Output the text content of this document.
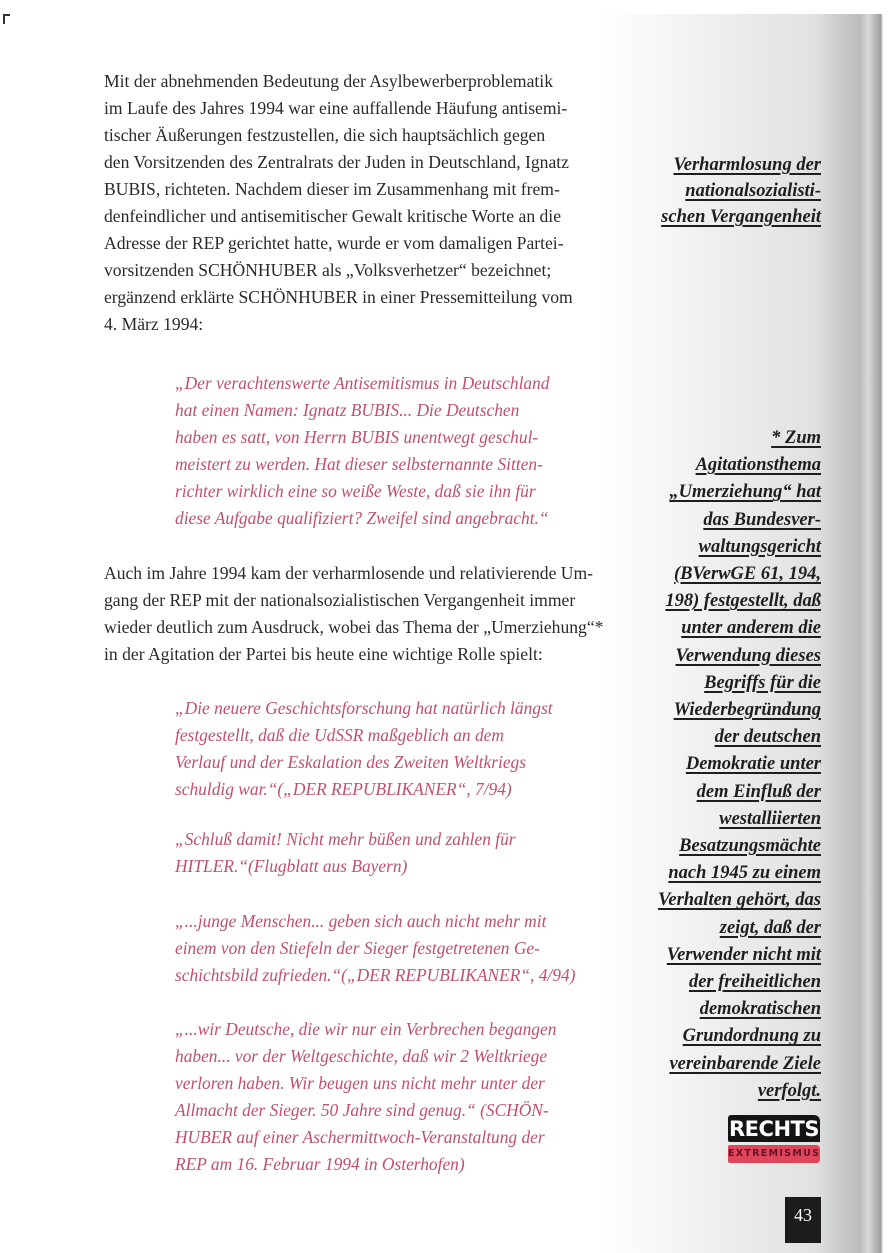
Mit der abnehmenden Bedeutung der Asylbewerberproblematik
im Laufe des Jahres 1994 war eine auffallende Häufung antisemi-
tischer Äußerungen festzustellen, die sich hauptsächlich gegen
den Vorsitzenden des Zentralrats der Juden in Deutschland, Ignatz
BUBIS, richteten. Nachdem dieser im Zusammenhang mit frem-
denfeindlicher und antisemitischer Gewalt kritische Worte an die
Adresse der REP gerichtet hatte, wurde er vom damaligen Partei-
vorsitzenden SCHÖNHUBER als „Volksverhetzer“ bezeichnet;
ergänzend erklärte SCHÖNHUBER in einer Pressemitteilung vom
4. März 1994:

„Der verachtenswerte Antisemitismus in Deutschland
hat einen Namen: Ignatz BUBIS... Die Deutschen
haben es satt, von Herrn BUBIS unentwegt geschul-
meistert zu werden. Hat dieser selbsternannte Sitten-
richter wirklich eine so weiße Weste, daß sie ihn für
diese Aufgabe qualifiziert? Zweifel sind angebracht.“

Auch im Jahre 1994 kam der verharmlosende und relativierende Um-
gang der REP mit der nationalsozialistischen Vergangenheit immer
wieder deutlich zum Ausdruck, wobei das Thema der „Umerziehung“*
in der Agitation der Partei bis heute eine wichtige Rolle spielt:

„Die neuere Geschichtsforschung hat natürlich längst
festgestellt, daß die UdSSR maßgeblich an dem
Verlauf und der Eskalation des Zweiten Weltkriegs
schuldig war.“(„DER REPUBLIKANER“, 7/94)

„Schluß damit! Nicht mehr büßen und zahlen für
HITLER.“(Flugblatt aus Bayern)

„...junge Menschen... geben sich auch nicht mehr mit
einem von den Stiefeln der Sieger festgetretenen Ge-
schichtsbild zufrieden.“(„DER REPUBLIKANER“, 4/94)

„...wir Deutsche, die wir nur ein Verbrechen begangen
haben... vor der Weltgeschichte, daß wir 2 Weltkriege
verloren haben. Wir beugen uns nicht mehr unter der
Allmacht der Sieger. 50 Jahre sind genug.“ (SCHÖN-
HUBER auf einer Aschermittwoch-Veranstaltung der
REP am 16. Februar 1994 in Osterhofen)

Verharmlosung der
nationalsozialisti-
schen Vergangenheit
* Zum
Agitationsthema
„Umerziehung“ hat
das Bundesver-
waltungsgericht
(BVerwGE 61, 194,
198) festgestellt, daß
unter anderem die
Verwendung dieses
Begriffs für die
Wiederbegründung
der deutschen
Demokratie unter
dem Einfluß der
westalliierten
Besatzungsmächte
nach 1945 zu einem
Verhalten gehört, das
zeigt, daß der
Verwender nicht mit
der freiheitlichen
demokratischen
Grundordnung zu
vereinbarende Ziele
verfolgt.
RECHTS
EXTREMISMUS
43
